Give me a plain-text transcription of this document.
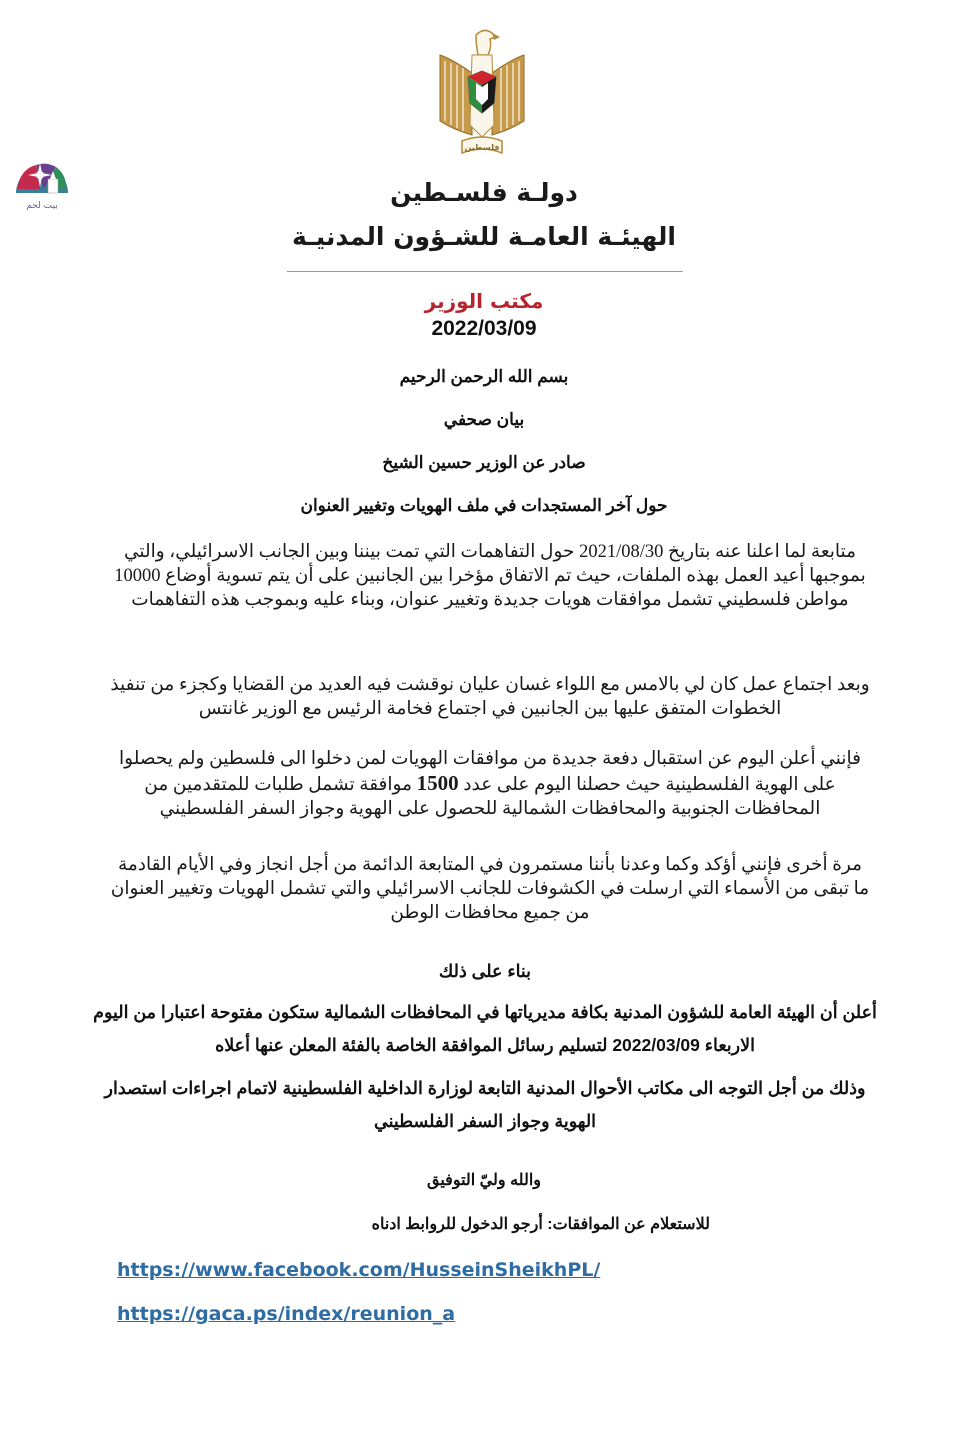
فلسطين
بيت لحم	دولـة فلسـطين
الهيئـة العامـة للشـؤون المدنيـة
مكتب الوزير
2022/03/09
بسم الله الرحمن الرحيم
بيان صحفي
صادر عن الوزير حسين الشيخ
حول آخر المستجدات في ملف الهويات وتغيير العنوان
متابعة لما اعلنا عنه بتاريخ 2021/08/30 حول التفاهمات التي تمت بيننا وبين الجانب الاسرائيلي، والتي بموجبها أعيد العمل بهذه الملفات، حيث تم الاتفاق مؤخرا بين الجانبين على أن يتم تسوية أوضاع 10000 مواطن فلسطيني تشمل موافقات هويات جديدة وتغيير عنوان، وبناء عليه وبموجب هذه التفاهمات
وبعد اجتماع عمل كان لي بالامس مع اللواء غسان عليان نوقشت فيه العديد من القضايا وكجزء من تنفيذ الخطوات المتفق عليها بين الجانبين في اجتماع فخامة الرئيس مع الوزير غانتس
فإنني أعلن اليوم عن استقبال دفعة جديدة من موافقات الهويات لمن دخلوا الى فلسطين ولم يحصلوا على الهوية الفلسطينية حيث حصلنا اليوم على عدد 1500 موافقة تشمل طلبات للمتقدمين من المحافظات الجنوبية والمحافظات الشمالية للحصول على الهوية وجواز السفر الفلسطيني
مرة أخرى فإنني أؤكد وكما وعدنا بأننا مستمرون في المتابعة الدائمة من أجل انجاز وفي الأيام القادمة ما تبقى من الأسماء التي ارسلت في الكشوفات للجانب الاسرائيلي والتي تشمل الهويات وتغيير العنوان من جميع محافظات الوطن
بناء على ذلك
أعلن أن الهيئة العامة للشؤون المدنية بكافة مديرياتها في المحافظات الشمالية ستكون مفتوحة اعتبارا من اليوم الاربعاء 2022/03/09 لتسليم رسائل الموافقة الخاصة بالفئة المعلن عنها أعلاه
وذلك من أجل التوجه الى مكاتب الأحوال المدنية التابعة لوزارة الداخلية الفلسطينية لاتمام اجراءات استصدار الهوية وجواز السفر الفلسطيني
والله وليّ التوفيق
للاستعلام عن الموافقات: أرجو الدخول للروابط ادناه
https://www.facebook.com/HusseinSheikhPL/
https://gaca.ps/index/reunion_a
